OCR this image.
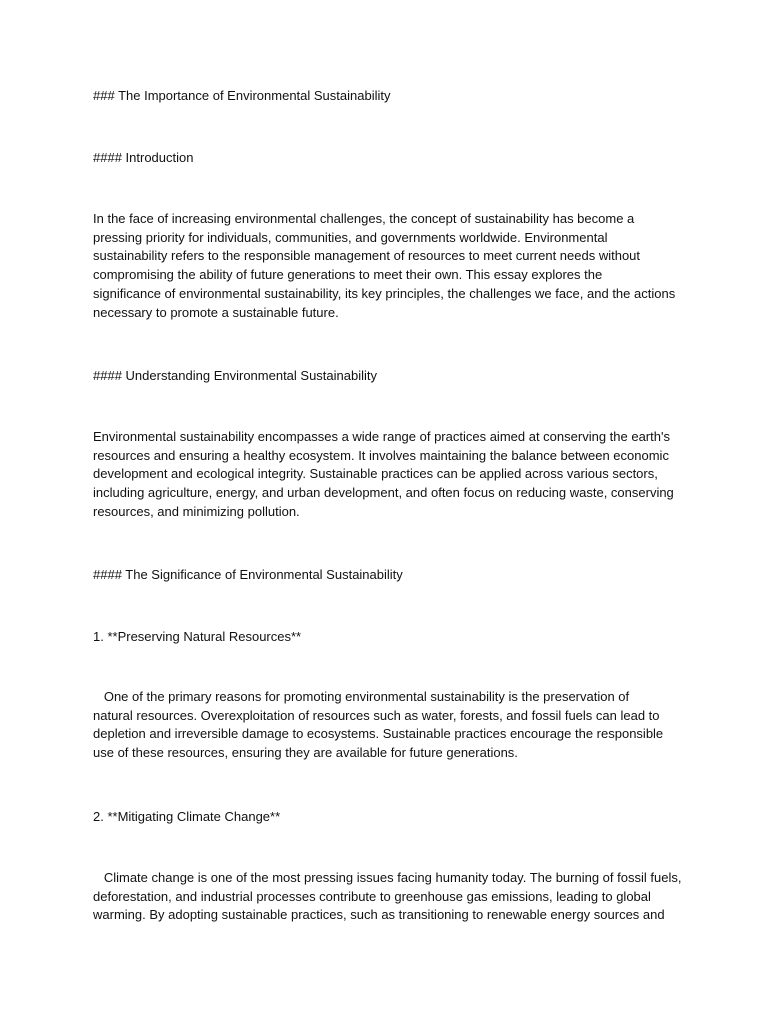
### The Importance of Environmental Sustainability

#### Introduction

In the face of increasing environmental challenges, the concept of sustainability has become a
pressing priority for individuals, communities, and governments worldwide. Environmental
sustainability refers to the responsible management of resources to meet current needs without
compromising the ability of future generations to meet their own. This essay explores the
significance of environmental sustainability, its key principles, the challenges we face, and the actions
necessary to promote a sustainable future.

#### Understanding Environmental Sustainability

Environmental sustainability encompasses a wide range of practices aimed at conserving the earth's
resources and ensuring a healthy ecosystem. It involves maintaining the balance between economic
development and ecological integrity. Sustainable practices can be applied across various sectors,
including agriculture, energy, and urban development, and often focus on reducing waste, conserving
resources, and minimizing pollution.

#### The Significance of Environmental Sustainability

1. **Preserving Natural Resources**

One of the primary reasons for promoting environmental sustainability is the preservation of
natural resources. Overexploitation of resources such as water, forests, and fossil fuels can lead to
depletion and irreversible damage to ecosystems. Sustainable practices encourage the responsible
use of these resources, ensuring they are available for future generations.

2. **Mitigating Climate Change**

Climate change is one of the most pressing issues facing humanity today. The burning of fossil fuels,
deforestation, and industrial processes contribute to greenhouse gas emissions, leading to global
warming. By adopting sustainable practices, such as transitioning to renewable energy sources and
